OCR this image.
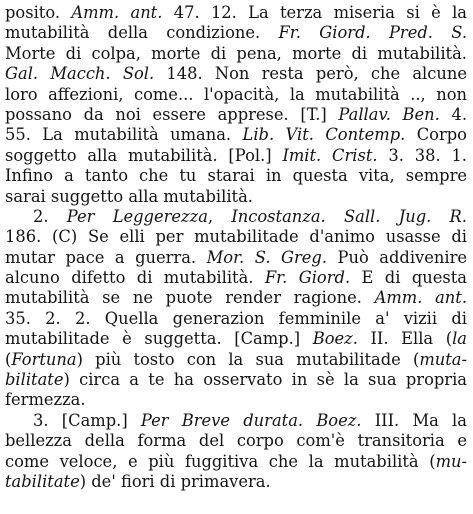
posito. Amm. ant. 47. 12. La terza miseria si è la
mutabilità della condizione. Fr. Giord. Pred. S.
Morte di colpa, morte di pena, morte di mutabilità.
Gal. Macch. Sol. 148. Non resta però, che alcune
loro affezioni, come... l'opacità, la mutabilità .., non
possano da noi essere apprese. [T.] Pallav. Ben. 4.
55. La mutabilità umana. Lib. Vit. Contemp. Corpo
soggetto alla mutabilità. [Pol.] Imit. Crist. 3. 38. 1.
Infino a tanto che tu starai in questa vita, sempre
sarai suggetto alla mutabilità.
2. Per Leggerezza, Incostanza. Sall. Jug. R.
186. (C) Se elli per mutabilitade d'animo usasse di
mutar pace a guerra. Mor. S. Greg. Può addivenire
alcuno difetto di mutabilità. Fr. Giord. E di questa
mutabilità se ne puote render ragione. Amm. ant.
35. 2. 2. Quella generazion femminile a' vizii di
mutabilitade è suggetta. [Camp.] Boez. II. Ella (la
(Fortuna) più tosto con la sua mutabilitade (muta-
bilitate) circa a te ha osservato in sè la sua propria
fermezza.
3. [Camp.] Per Breve durata. Boez. III. Ma la
bellezza della forma del corpo com'è transitoria e
come veloce, e più fuggitiva che la mutabilità (mu-
tabilitate) de' fiori di primavera.
